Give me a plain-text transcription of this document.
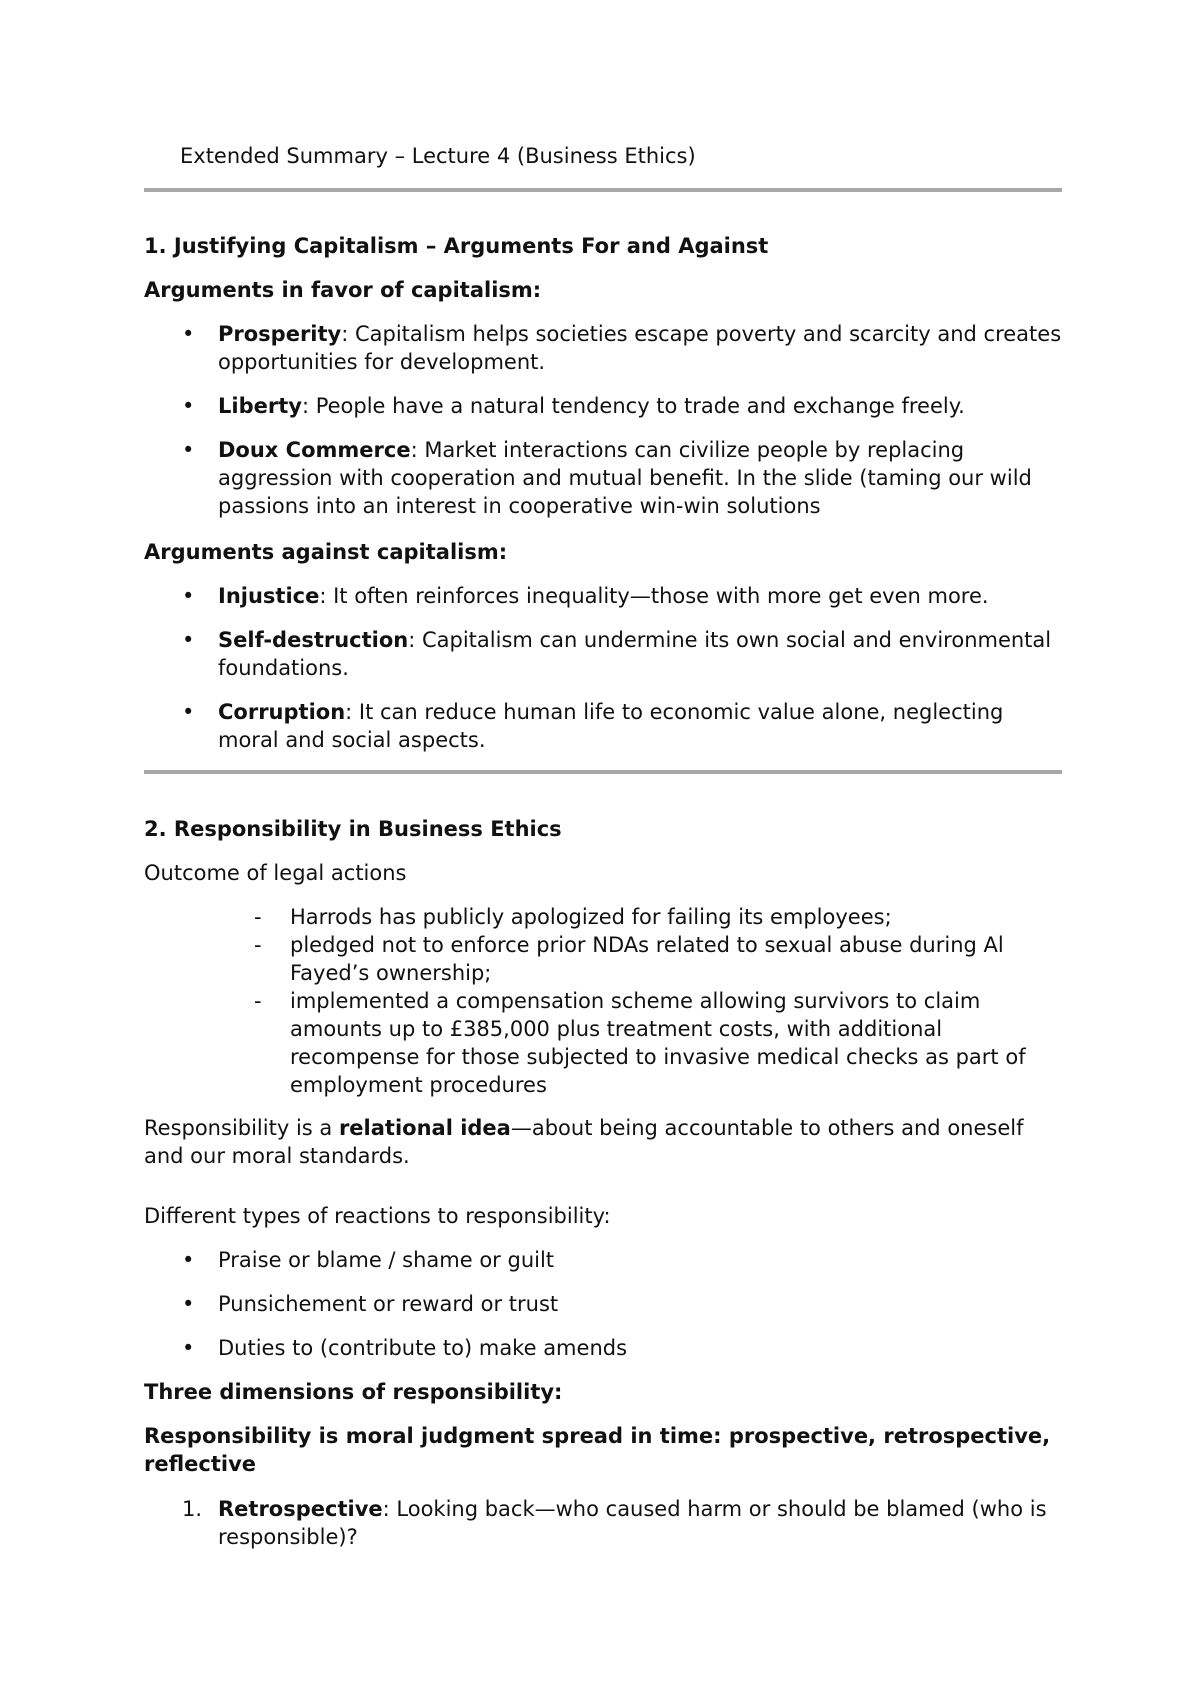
Extended Summary – Lecture 4 (Business Ethics)

1. Justifying Capitalism – Arguments For and Against

Arguments in favor of capitalism:

• Prosperity: Capitalism helps societies escape poverty and scarcity and creates opportunities for development.
• Liberty: People have a natural tendency to trade and exchange freely.
• Doux Commerce: Market interactions can civilize people by replacing aggression with cooperation and mutual benefit. In the slide (taming our wild passions into an interest in cooperative win-win solutions

Arguments against capitalism:

• Injustice: It often reinforces inequality—those with more get even more.
• Self-destruction: Capitalism can undermine its own social and environmental foundations.
• Corruption: It can reduce human life to economic value alone, neglecting moral and social aspects.

2. Responsibility in Business Ethics

Outcome of legal actions

- Harrods has publicly apologized for failing its employees;
- pledged not to enforce prior NDAs related to sexual abuse during Al Fayed’s ownership;
- implemented a compensation scheme allowing survivors to claim amounts up to £385,000 plus treatment costs, with additional recompense for those subjected to invasive medical checks as part of employment procedures

Responsibility is a relational idea—about being accountable to others and oneself and our moral standards.

Different types of reactions to responsibility:

• Praise or blame / shame or guilt
• Punsichement or reward or trust
• Duties to (contribute to) make amends

Three dimensions of responsibility:

Responsibility is moral judgment spread in time: prospective, retrospective, reflective

1. Retrospective: Looking back—who caused harm or should be blamed (who is responsible)?
